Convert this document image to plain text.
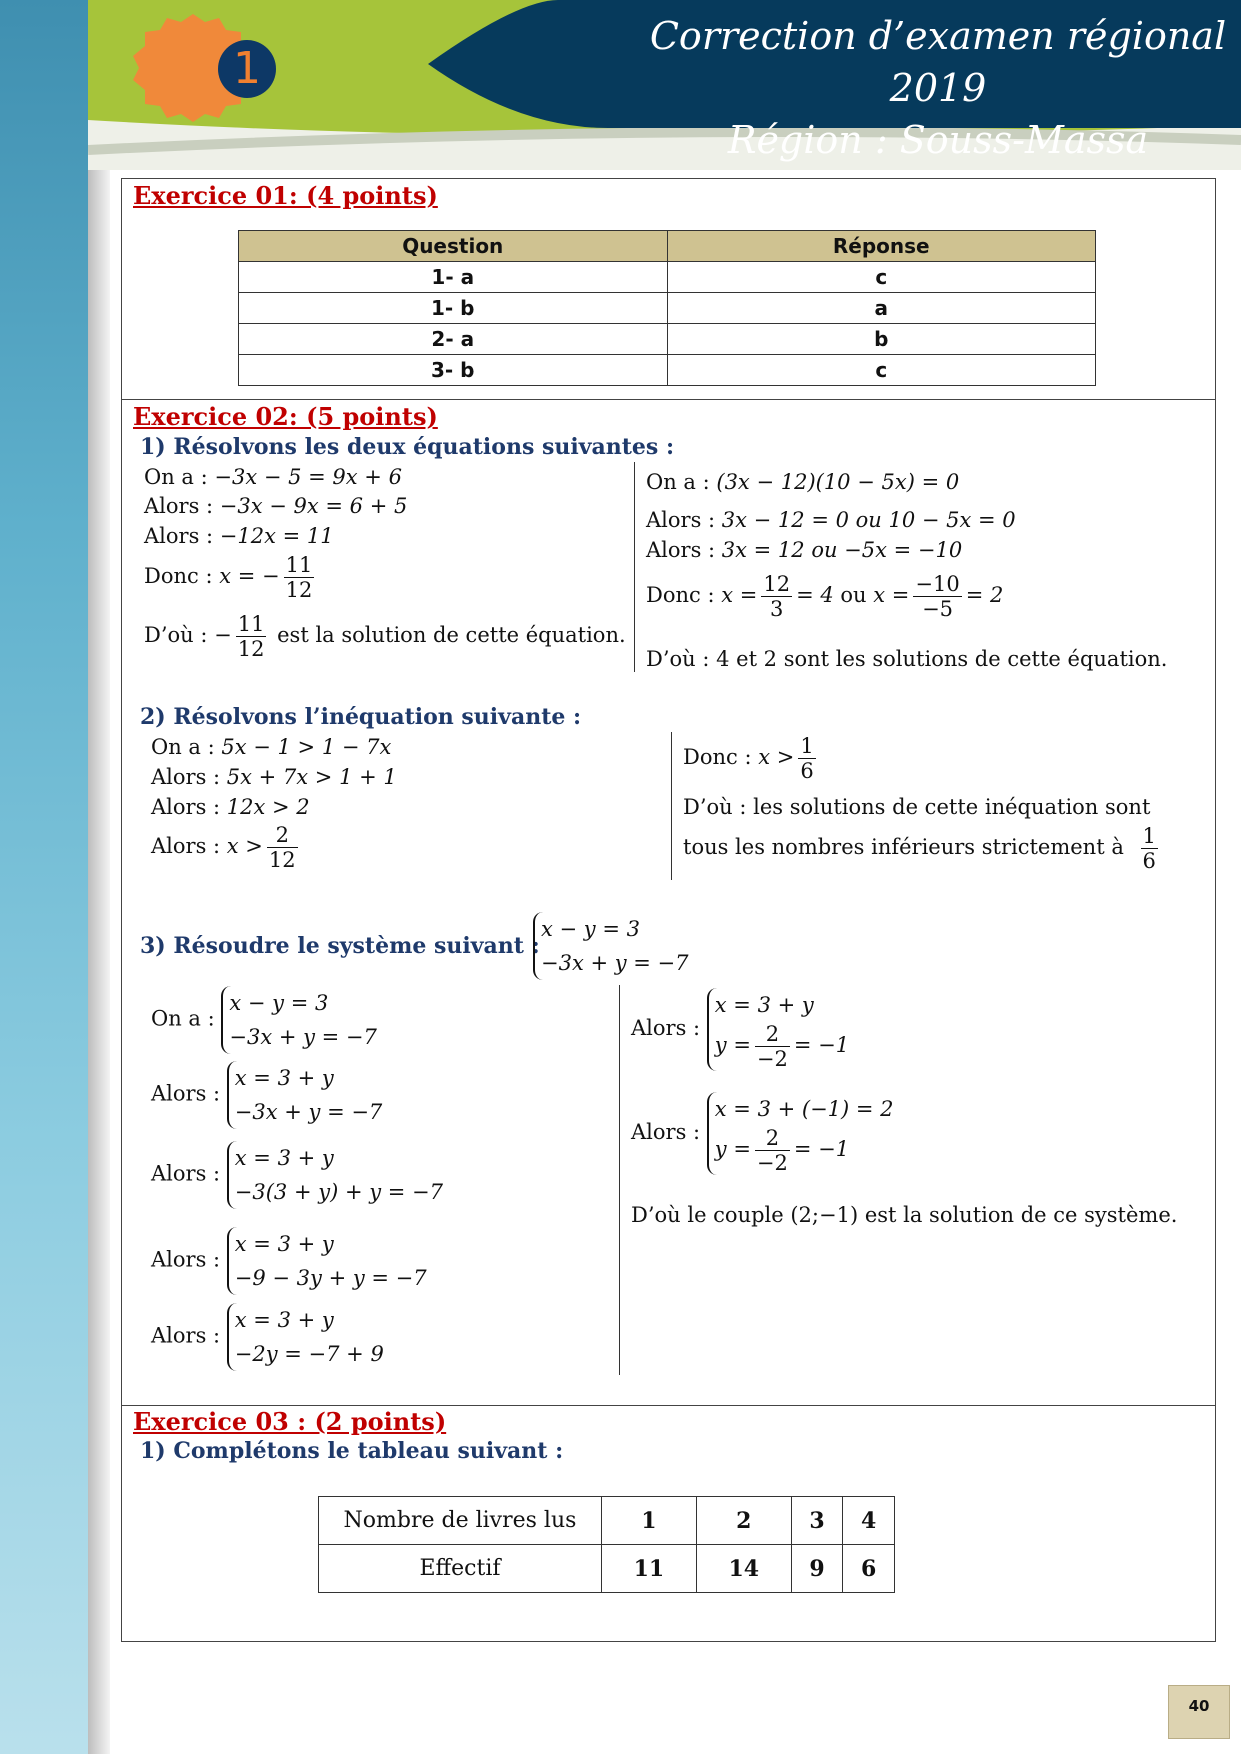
1
Correction d’examen régional 2019
Région : Souss-Massa
Exercice 01: (4 points)
Question	Réponse
1- a	c
1- b	a
2- a	b
3- b	c
Exercice 02: (5 points)
1) Résolvons les deux équations suivantes :
On a : −3x − 5 = 9x + 6
Alors : −3x − 9x = 6 + 5
Alors : −12x = 11
Donc : x = − $\frac{11}{12}$
D’où : − $\frac{11}{12}$ est la solution de cette équation.
On a : (3x − 12)(10 − 5x) = 0
Alors : 3x − 12 = 0 ou 10 − 5x = 0
Alors : 3x = 12 ou −5x = −10
Donc : $x = \frac{12}{3} = 4$ ou $x = \frac{-10}{-5} = 2$
D’où : 4 et 2 sont les solutions de cette équation.
2) Résolvons l’inéquation suivante :
On a : 5x − 1 > 1 − 7x
Alors : 5x + 7x > 1 + 1
Alors : 12x > 2
Alors : $x > \frac{2}{12}$
Donc : $x > \frac{1}{6}$
D’où : les solutions de cette inéquation sont
tous les nombres inférieurs strictement à $\frac{1}{6}$
3) Résoudre le système suivant :
x − y = 3
−3x + y = −7
On a :
x − y = 3
−3x + y = −7
Alors :
x = 3 + y
−3x + y = −7
Alors :
x = 3 + y
−3(3 + y) + y = −7
Alors :
x = 3 + y
−9 − 3y + y = −7
Alors :
x = 3 + y
−2y = −7 + 9
Alors :
x = 3 + y
$y = \frac{2}{-2} = -1$
Alors :
x = 3 + (−1) = 2
$y = \frac{2}{-2} = -1$
D’où le couple (2;−1) est la solution de ce système.
Exercice 03 : (2 points)
1) Complétons le tableau suivant :
Nombre de livres lus	1	2	3	4
Effectif	11	14	9	6
40
